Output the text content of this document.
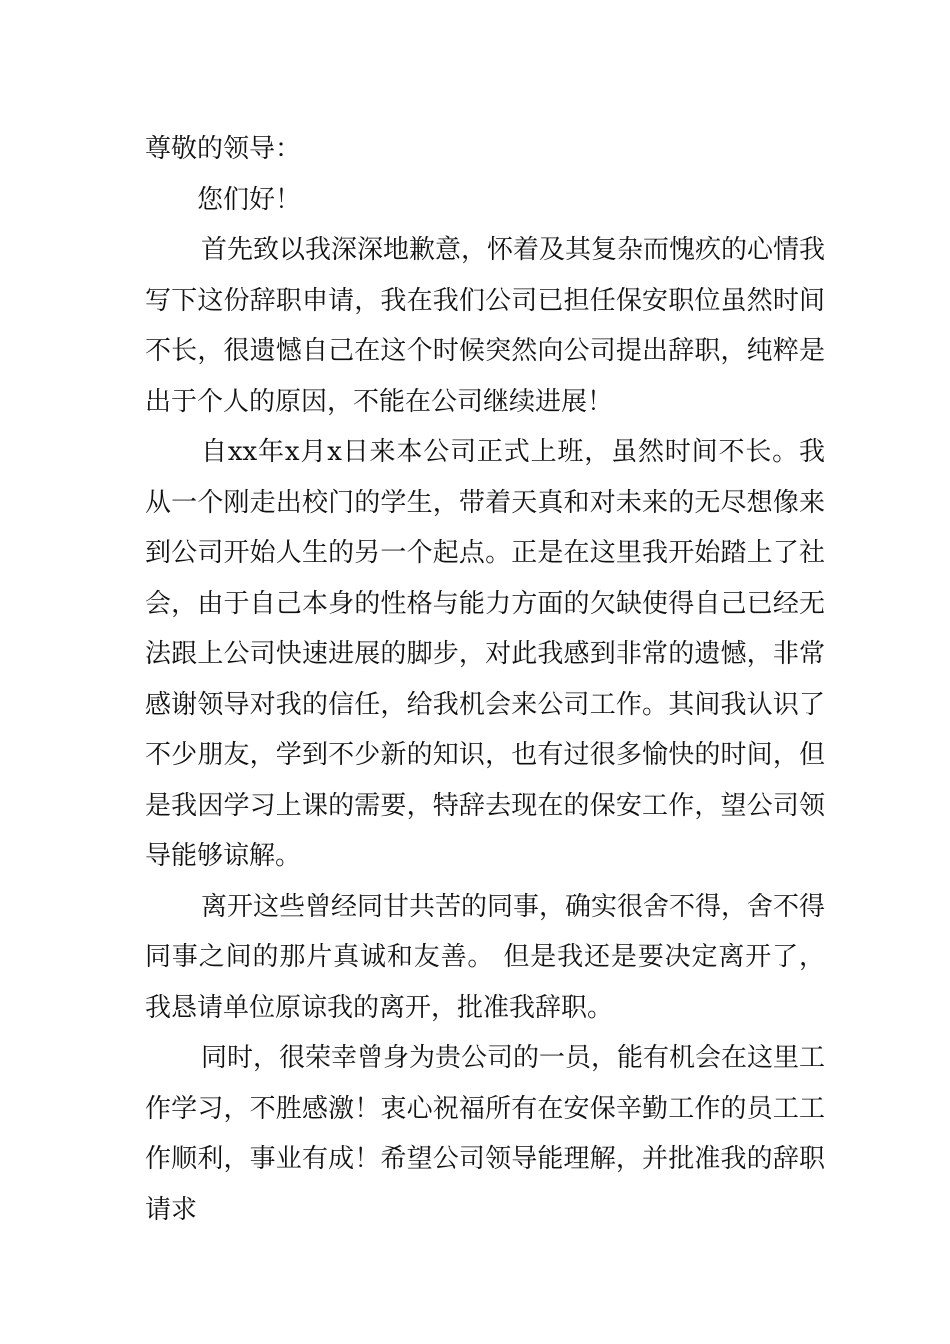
尊敬的领导：

您们好！

首先致以我深深地歉意，怀着及其复杂而愧疚的心情我写下这份辞职申请，我在我们公司已担任保安职位虽然时间不长，很遗憾自己在这个时候突然向公司提出辞职，纯粹是出于个人的原因，不能在公司继续进展！

自xx年x月x日来本公司正式上班，虽然时间不长。我从一个刚走出校门的学生，带着天真和对未来的无尽想像来到公司开始人生的另一个起点。正是在这里我开始踏上了社会，由于自己本身的性格与能力方面的欠缺使得自己已经无法跟上公司快速进展的脚步，对此我感到非常的遗憾，非常感谢领导对我的信任，给我机会来公司工作。其间我认识了不少朋友，学到不少新的知识，也有过很多愉快的时间，但是我因学习上课的需要，特辞去现在的保安工作，望公司领导能够谅解。

离开这些曾经同甘共苦的同事，确实很舍不得，舍不得同事之间的那片真诚和友善。 但是我还是要决定离开了，我恳请单位原谅我的离开，批准我辞职。

同时，很荣幸曾身为贵公司的一员，能有机会在这里工作学习，不胜感激！衷心祝福所有在安保辛勤工作的员工工作顺利，事业有成！希望公司领导能理解，并批准我的辞职请求
